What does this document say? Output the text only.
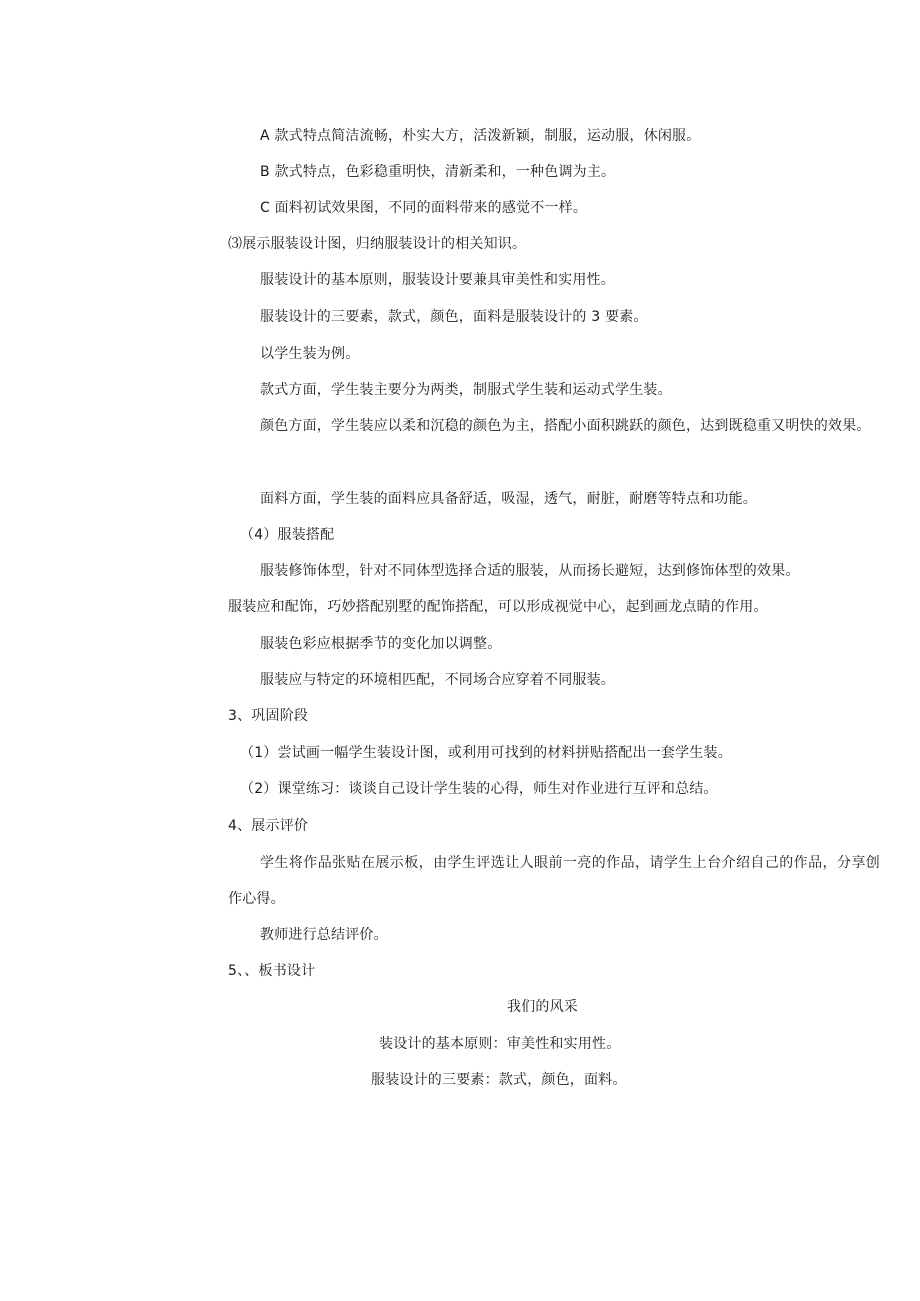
A 款式特点简洁流畅，朴实大方，活泼新颖，制服，运动服，休闲服。
B 款式特点，色彩稳重明快，清新柔和，一种色调为主。
C 面料初试效果图，不同的面料带来的感觉不一样。
⑶展示服装设计图，归纳服装设计的相关知识。
服装设计的基本原则，服装设计要兼具审美性和实用性。
服装设计的三要素，款式，颜色，面料是服装设计的 3 要素。
以学生装为例。
款式方面，学生装主要分为两类，制服式学生装和运动式学生装。
颜色方面，学生装应以柔和沉稳的颜色为主，搭配小面积跳跃的颜色，达到既稳重又明快的效果。
面料方面，学生装的面料应具备舒适，吸湿，透气，耐脏，耐磨等特点和功能。
（4）服装搭配
服装修饰体型，针对不同体型选择合适的服装，从而扬长避短，达到修饰体型的效果。
服装应和配饰，巧妙搭配别墅的配饰搭配，可以形成视觉中心，起到画龙点睛的作用。
服装色彩应根据季节的变化加以调整。
服装应与特定的环境相匹配，不同场合应穿着不同服装。
3、巩固阶段
（1）尝试画一幅学生装设计图，或利用可找到的材料拼贴搭配出一套学生装。
（2）课堂练习：谈谈自己设计学生装的心得，师生对作业进行互评和总结。
4、展示评价
学生将作品张贴在展示板，由学生评选让人眼前一亮的作品，请学生上台介绍自己的作品，分享创作心得。
教师进行总结评价。
5、、板书设计
我们的风采
装设计的基本原则：审美性和实用性。
服装设计的三要素：款式，颜色，面料。
